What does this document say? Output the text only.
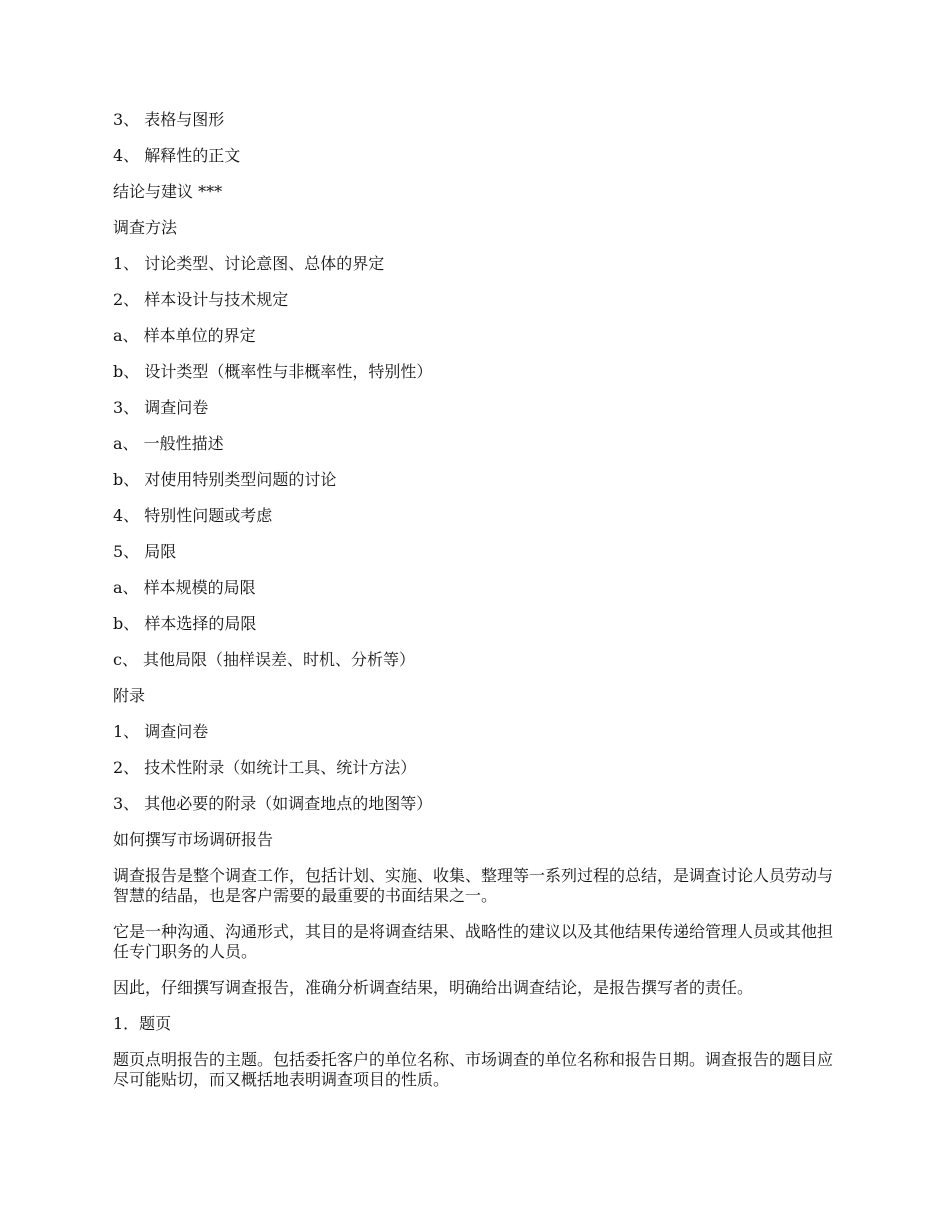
3、 表格与图形
4、 解释性的正文
结论与建议 ***
调查方法
1、 讨论类型、讨论意图、总体的界定
2、 样本设计与技术规定
a、 样本单位的界定
b、 设计类型（概率性与非概率性，特别性）
3、 调查问卷
a、 一般性描述
b、 对使用特别类型问题的讨论
4、 特别性问题或考虑
5、 局限
a、 样本规模的局限
b、 样本选择的局限
c、 其他局限（抽样误差、时机、分析等）
附录
1、 调查问卷
2、 技术性附录（如统计工具、统计方法）
3、 其他必要的附录（如调查地点的地图等）
如何撰写市场调研报告
调查报告是整个调查工作，包括计划、实施、收集、整理等一系列过程的总结，是调查讨论人员劳动与智慧的结晶，也是客户需要的最重要的书面结果之一。
它是一种沟通、沟通形式，其目的是将调查结果、战略性的建议以及其他结果传递给管理人员或其他担任专门职务的人员。
因此，仔细撰写调查报告，准确分析调查结果，明确给出调查结论，是报告撰写者的责任。
1．题页
题页点明报告的主题。包括委托客户的单位名称、市场调查的单位名称和报告日期。调查报告的题目应尽可能贴切，而又概括地表明调查项目的性质。
